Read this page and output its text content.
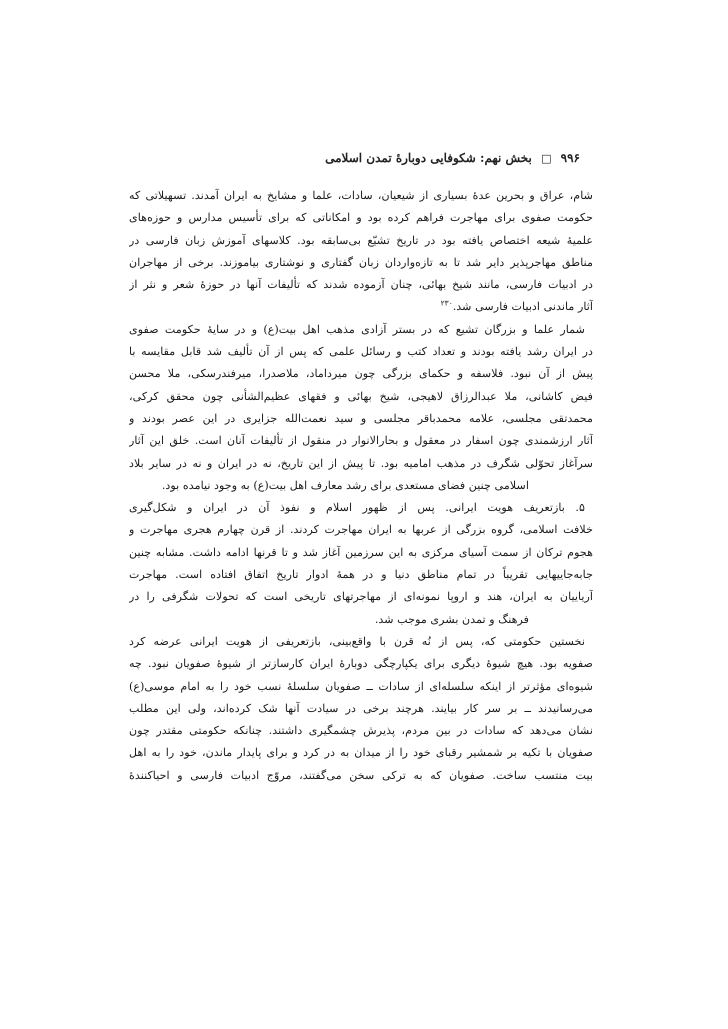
۹۹۶ □ بخش نهم: شکوفایی دوبارهٔ تمدن اسلامی
شام، عراق و بحرین عدهٔ بسیاری از شیعیان، سادات، علما و مشایخ به ایران آمدند. تسهیلاتی که
حکومت صفوی برای مهاجرت فراهم کرده بود و امکاناتی که برای تأسیس مدارس و حوزه‌های
علمیهٔ شیعه اختصاص یافته بود در تاریخ تشیّع بی‌سابقه بود. کلاسهای آموزش زبان فارسی در
مناطق مهاجرپذیر دایر شد تا به تازه‌واردان زبان گفتاری و نوشتاری بیاموزند. برخی از مهاجران
در ادبیات فارسی، مانند شیخ بهائی، چنان آزموده شدند که تألیفات آنها در حوزهٔ شعر و نثر از
آثار ماندنی ادبیات فارسی شد.$^{۲۳۰}$
شمار علما و بزرگان تشیع که در بستر آزادی مذهب اهل بیت(ع) و در سایهٔ حکومت صفوی
در ایران رشد یافته بودند و تعداد کتب و رسائل علمی که پس از آن تألیف شد قابل مقایسه با
پیش از آن نبود. فلاسفه و حکمای بزرگی چون میرداماد، ملاصدرا، میرفندرسکی، ملا محسن
فیض کاشانی، ملا عبدالرزاق لاهیجی، شیخ بهائی و فقهای عظیم‌الشأنی چون محقق کرکی،
محمدتقی مجلسی، علامه محمدباقر مجلسی و سید نعمت‌الله جزایری در این عصر بودند و
آثار ارزشمندی چون اسفار در معقول و بحارالانوار در منقول از تألیفات آنان است. خلق این آثار
سرآغاز تحوّلی شگرف در مذهب امامیه بود. تا پیش از این تاریخ، نه در ایران و نه در سایر بلاد
اسلامی چنین فضای مستعدی برای رشد معارف اهل بیت(ع) به وجود نیامده بود.
۵. بازتعریف هویت ایرانی. پس از ظهور اسلام و نفوذ آن در ایران و شکل‌گیری
خلافت اسلامی، گروه بزرگی از عربها به ایران مهاجرت کردند. از قرن چهارم هجری مهاجرت و
هجوم ترکان از سمت آسیای مرکزی به این سرزمین آغاز شد و تا قرنها ادامه داشت. مشابه چنین
جابه‌جاییهایی تقریباً در تمام مناطق دنیا و در همهٔ ادوار تاریخ اتفاق افتاده است. مهاجرت
آریاییان به ایران، هند و اروپا نمونه‌ای از مهاجرتهای تاریخی است که تحولات شگرفی را در
فرهنگ و تمدن بشری موجب شد.
نخستین حکومتی که، پس از نُه قرن با واقع‌بینی، بازتعریفی از هویت ایرانی عرضه کرد
صفویه بود. هیچ شیوهٔ دیگری برای یکپارچگی دوبارهٔ ایران کارسازتر از شیوهٔ صفویان نبود. چه
شیوه‌ای مؤثرتر از اینکه سلسله‌ای از سادات ــ صفویان سلسلهٔ نسب خود را به امام موسی(ع)
می‌رسانیدند ــ بر سر کار بیایند. هرچند برخی در سیادت آنها شک کرده‌اند، ولی این مطلب
نشان می‌دهد که سادات در بین مردم، پذیرش چشمگیری داشتند. چنانکه حکومتی مقتدر چون
صفویان با تکیه بر شمشیر رقبای خود را از میدان به در کرد و برای پایدار ماندن، خود را به اهل
بیت منتسب ساخت. صفویان که به ترکی سخن می‌گفتند، مروّج ادبیات فارسی و احیاکنندهٔ
